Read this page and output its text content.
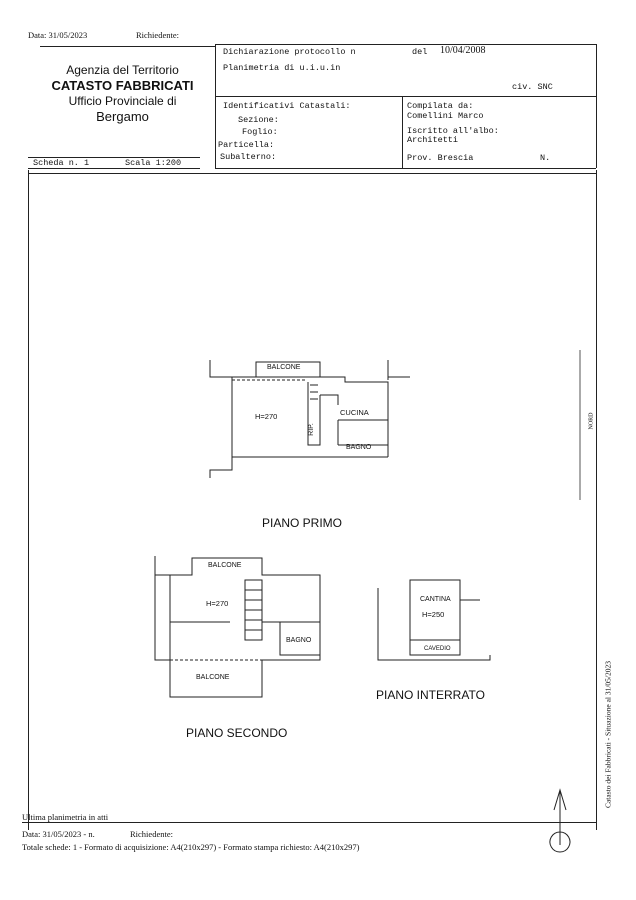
Data: 31/05/2023	Richiedente:
Agenzia del Territorio
CATASTO FABBRICATI
Ufficio Provinciale di
Bergamo
Dichiarazione protocollo n	del 10/04/2008
Planimetria di u.i.u.in
civ. SNC
Identificativi Catastali:
Sezione:
Foglio:
Particella:
Subalterno:
Compilata da:
Comellini Marco
Iscritto all'albo:
Architetti
Prov. Brescia	N.
Scheda n. 1	Scala 1:200
BALCONE
H=270
RIP.
CUCINA
BAGNO
PIANO PRIMO
BALCONE
H=270
BAGNO
BALCONE
PIANO SECONDO
CANTINA
H=250
CAVEDIO
PIANO INTERRATO	Catasto dei Fabbricati - Situazione al 31/05/2023
NORD
Ultima planimetria in atti
Data: 31/05/2023 - n.	Richiedente:
Totale schede: 1 - Formato di acquisizione: A4(210x297) - Formato stampa richiesto: A4(210x297)
